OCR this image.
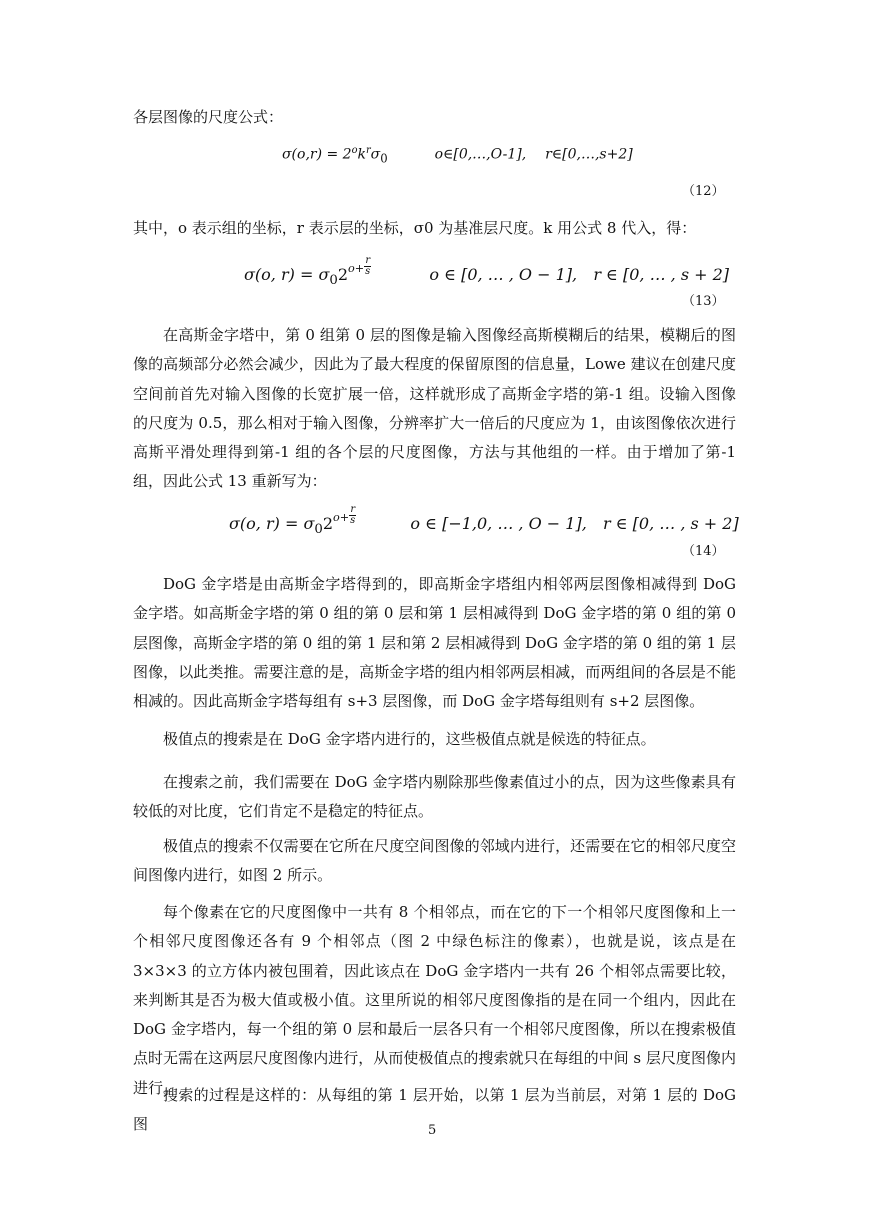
各层图像的尺度公式：
$\sigma(o,r) = 2^ok^r\sigma_0$	o∈[0,…,O-1], r∈[0,…,s+2]
（12）
其中，o 表示组的坐标，r 表示层的坐标，σ0 为基准层尺度。k 用公式 8 代入，得：
σ(o, $r) = \sigma_02^{o+} \frac{r}{s}$	o ∈ [0, … , O − 1], r ∈ [0, … , s + 2]
（13）
在高斯金字塔中，第 0 组第 0 层的图像是输入图像经高斯模糊后的结果，模糊后的图像的高频部分必然会减少，因此为了最大程度的保留原图的信息量，Lowe 建议在创建尺度空间前首先对输入图像的长宽扩展一倍，这样就形成了高斯金字塔的第-1 组。设输入图像的尺度为 0.5，那么相对于输入图像，分辨率扩大一倍后的尺度应为 1，由该图像依次进行高斯平滑处理得到第-1 组的各个层的尺度图像，方法与其他组的一样。由于增加了第-1 组，因此公式 13 重新写为：
σ(o, $r) = \sigma_02^{o+} \frac{r}{s}$	o ∈ [−1,0, … , O − 1], r ∈ [0, … , s + 2]
（14）
DoG 金字塔是由高斯金字塔得到的，即高斯金字塔组内相邻两层图像相减得到 DoG 金字塔。如高斯金字塔的第 0 组的第 0 层和第 1 层相减得到 DoG 金字塔的第 0 组的第 0 层图像，高斯金字塔的第 0 组的第 1 层和第 2 层相减得到 DoG 金字塔的第 0 组的第 1 层图像，以此类推。需要注意的是，高斯金字塔的组内相邻两层相减，而两组间的各层是不能相减的。因此高斯金字塔每组有 s+3 层图像，而 DoG 金字塔每组则有 s+2 层图像。
极值点的搜索是在 DoG 金字塔内进行的，这些极值点就是候选的特征点。
在搜索之前，我们需要在 DoG 金字塔内剔除那些像素值过小的点，因为这些像素具有较低的对比度，它们肯定不是稳定的特征点。
极值点的搜索不仅需要在它所在尺度空间图像的邻域内进行，还需要在它的相邻尺度空间图像内进行，如图 2 所示。
每个像素在它的尺度图像中一共有 8 个相邻点，而在它的下一个相邻尺度图像和上一个相邻尺度图像还各有 9 个相邻点（图 2 中绿色标注的像素），也就是说，该点是在 3×3×3 的立方体内被包围着，因此该点在 DoG 金字塔内一共有 26 个相邻点需要比较，来判断其是否为极大值或极小值。这里所说的相邻尺度图像指的是在同一个组内，因此在 DoG 金字塔内，每一个组的第 0 层和最后一层各只有一个相邻尺度图像，所以在搜索极值点时无需在这两层尺度图像内进行，从而使极值点的搜索就只在每组的中间 s 层尺度图像内进行。
搜索的过程是这样的：从每组的第 1 层开始，以第 1 层为当前层，对第 1 层的 DoG 图	5
